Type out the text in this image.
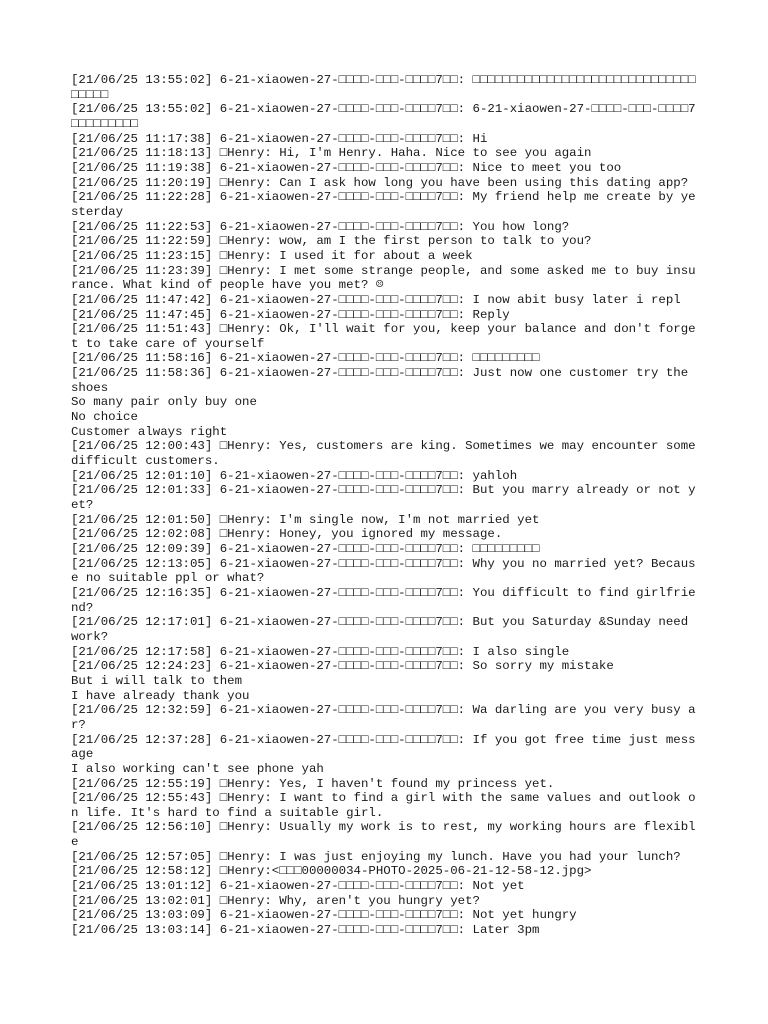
[21/06/25 13:55:02] 6-21-xiaowen-27-□□□□-□□□-□□□□7□□: □□□□□□□□□□□□□□□□□□□□□□□□□□□□□□□□□□□
[21/06/25 13:55:02] 6-21-xiaowen-27-□□□□-□□□-□□□□7□□: 6-21-xiaowen-27-□□□□-□□□-□□□□7□□□□□□□□□
[21/06/25 11:17:38] 6-21-xiaowen-27-□□□□-□□□-□□□□7□□: Hi
[21/06/25 11:18:13] □Henry: Hi, I'm Henry. Haha. Nice to see you again
[21/06/25 11:19:38] 6-21-xiaowen-27-□□□□-□□□-□□□□7□□: Nice to meet you too
[21/06/25 11:20:19] □Henry: Can I ask how long you have been using this dating app?
[21/06/25 11:22:28] 6-21-xiaowen-27-□□□□-□□□-□□□□7□□: My friend help me create by yesterday
[21/06/25 11:22:53] 6-21-xiaowen-27-□□□□-□□□-□□□□7□□: You how long?
[21/06/25 11:22:59] □Henry: wow, am I the first person to talk to you?
[21/06/25 11:23:15] □Henry: I used it for about a week
[21/06/25 11:23:39] □Henry: I met some strange people, and some asked me to buy insurance. What kind of people have you met? ☹
[21/06/25 11:47:42] 6-21-xiaowen-27-□□□□-□□□-□□□□7□□: I now abit busy later i repl
[21/06/25 11:47:45] 6-21-xiaowen-27-□□□□-□□□-□□□□7□□: Reply
[21/06/25 11:51:43] □Henry: Ok, I'll wait for you, keep your balance and don't forget to take care of yourself
[21/06/25 11:58:16] 6-21-xiaowen-27-□□□□-□□□-□□□□7□□: □□□□□□□□□
[21/06/25 11:58:36] 6-21-xiaowen-27-□□□□-□□□-□□□□7□□: Just now one customer try the shoes
So many pair only buy one
No choice
Customer always right
[21/06/25 12:00:43] □Henry: Yes, customers are king. Sometimes we may encounter some difficult customers.
[21/06/25 12:01:10] 6-21-xiaowen-27-□□□□-□□□-□□□□7□□: yahloh
[21/06/25 12:01:33] 6-21-xiaowen-27-□□□□-□□□-□□□□7□□: But you marry already or not yet?
[21/06/25 12:01:50] □Henry: I'm single now, I'm not married yet
[21/06/25 12:02:08] □Henry: Honey, you ignored my message.
[21/06/25 12:09:39] 6-21-xiaowen-27-□□□□-□□□-□□□□7□□: □□□□□□□□□
[21/06/25 12:13:05] 6-21-xiaowen-27-□□□□-□□□-□□□□7□□: Why you no married yet? Because no suitable ppl or what?
[21/06/25 12:16:35] 6-21-xiaowen-27-□□□□-□□□-□□□□7□□: You difficult to find girlfriend?
[21/06/25 12:17:01] 6-21-xiaowen-27-□□□□-□□□-□□□□7□□: But you Saturday &Sunday need work?
[21/06/25 12:17:58] 6-21-xiaowen-27-□□□□-□□□-□□□□7□□: I also single
[21/06/25 12:24:23] 6-21-xiaowen-27-□□□□-□□□-□□□□7□□: So sorry my mistake
But i will talk to them
I have already thank you
[21/06/25 12:32:59] 6-21-xiaowen-27-□□□□-□□□-□□□□7□□: Wa darling are you very busy ar?
[21/06/25 12:37:28] 6-21-xiaowen-27-□□□□-□□□-□□□□7□□: If you got free time just message
I also working can't see phone yah
[21/06/25 12:55:19] □Henry: Yes, I haven't found my princess yet.
[21/06/25 12:55:43] □Henry: I want to find a girl with the same values and outlook on life. It's hard to find a suitable girl.
[21/06/25 12:56:10] □Henry: Usually my work is to rest, my working hours are flexible
[21/06/25 12:57:05] □Henry: I was just enjoying my lunch. Have you had your lunch?
[21/06/25 12:58:12] □Henry:<□□□00000034-PHOTO-2025-06-21-12-58-12.jpg>
[21/06/25 13:01:12] 6-21-xiaowen-27-□□□□-□□□-□□□□7□□: Not yet
[21/06/25 13:02:01] □Henry: Why, aren't you hungry yet?
[21/06/25 13:03:09] 6-21-xiaowen-27-□□□□-□□□-□□□□7□□: Not yet hungry
[21/06/25 13:03:14] 6-21-xiaowen-27-□□□□-□□□-□□□□7□□: Later 3pm
